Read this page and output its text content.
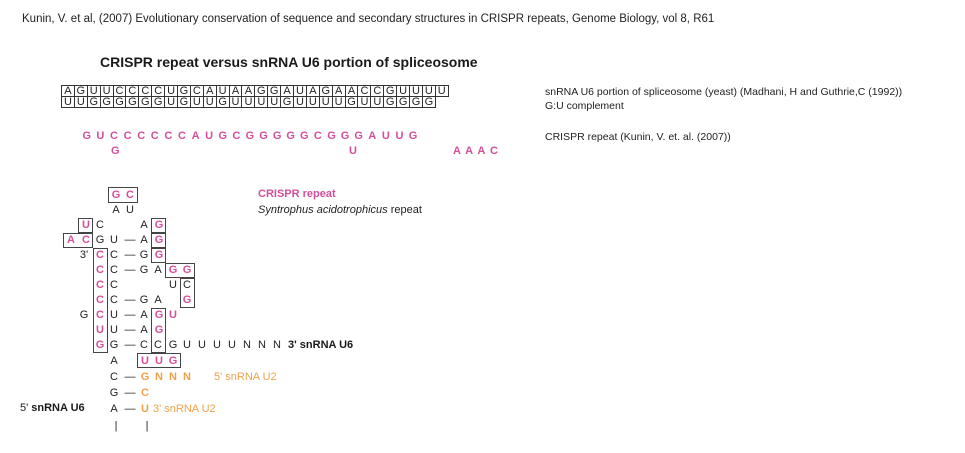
Kunin, V. et al, (2007) Evolutionary conservation of sequence and secondary structures in CRISPR repeats, Genome Biology, vol 8, R61
CRISPR repeat versus snRNA U6 portion of spliceosome
A G U U C C C C U G C A U A A G G A U A G A A C C G U U U U
U U G G G G G G U G U U G U U U U G U U U U G U U G G G G
snRNA U6 portion of spliceosome (yeast) (Madhani, H and Guthrie,C (1992))
G:U complement
G U C C C C C C A U G C G G G G G C G G G A U U G
G	U	A A A C
CRISPR repeat (Kunin, V. et. al. (2007))
CRISPR repeat
Syntrophus acidotrophicus repeat
G C
A U
U C	A G
A C G U — A G
3' C C — G G
C C — G A G G
C C	U C
C C — G A G
G C U — A G U
U U — A G
G G — C C G U U U U N N N 3' snRNA U6
A U U G
C — G N N N 5' snRNA U2
G — C
5' snRNA U6 A — U 3' snRNA U2
|	|
